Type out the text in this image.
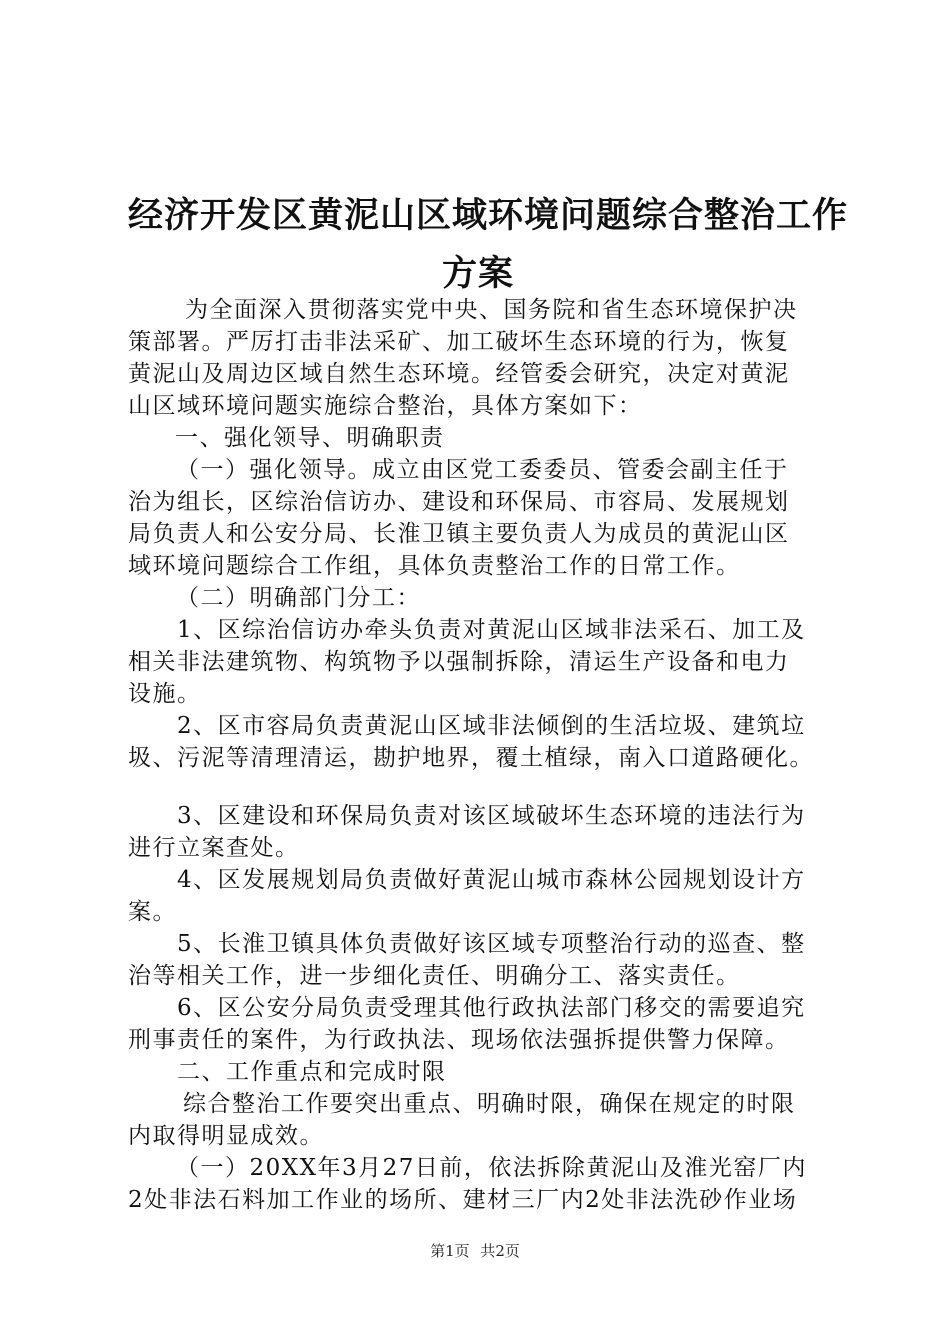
经济开发区黄泥山区域环境问题综合整治工作
方案
为全面深入贯彻落实党中央、国务院和省生态环境保护决
策部署。严厉打击非法采矿、加工破坏生态环境的行为，恢复
黄泥山及周边区域自然生态环境。经管委会研究，决定对黄泥
山区域环境问题实施综合整治，具体方案如下：
一、强化领导、明确职责
（一）强化领导。成立由区党工委委员、管委会副主任于
治为组长，区综治信访办、建设和环保局、市容局、发展规划
局负责人和公安分局、长淮卫镇主要负责人为成员的黄泥山区
域环境问题综合工作组，具体负责整治工作的日常工作。
（二）明确部门分工：
1、区综治信访办牵头负责对黄泥山区域非法采石、加工及
相关非法建筑物、构筑物予以强制拆除，清运生产设备和电力
设施。
2、区市容局负责黄泥山区域非法倾倒的生活垃圾、建筑垃
圾、污泥等清理清运，勘护地界，覆土植绿，南入口道路硬化。
3、区建设和环保局负责对该区域破坏生态环境的违法行为
进行立案查处。
4、区发展规划局负责做好黄泥山城市森林公园规划设计方
案。
5、长淮卫镇具体负责做好该区域专项整治行动的巡查、整
治等相关工作，进一步细化责任、明确分工、落实责任。
6、区公安分局负责受理其他行政执法部门移交的需要追究
刑事责任的案件，为行政执法、现场依法强拆提供警力保障。
二、工作重点和完成时限
综合整治工作要突出重点、明确时限，确保在规定的时限
内取得明显成效。
（一）20XX年3月27日前，依法拆除黄泥山及淮光窑厂内
2处非法石料加工作业的场所、建材三厂内2处非法洗砂作业场
第1页 共2页
